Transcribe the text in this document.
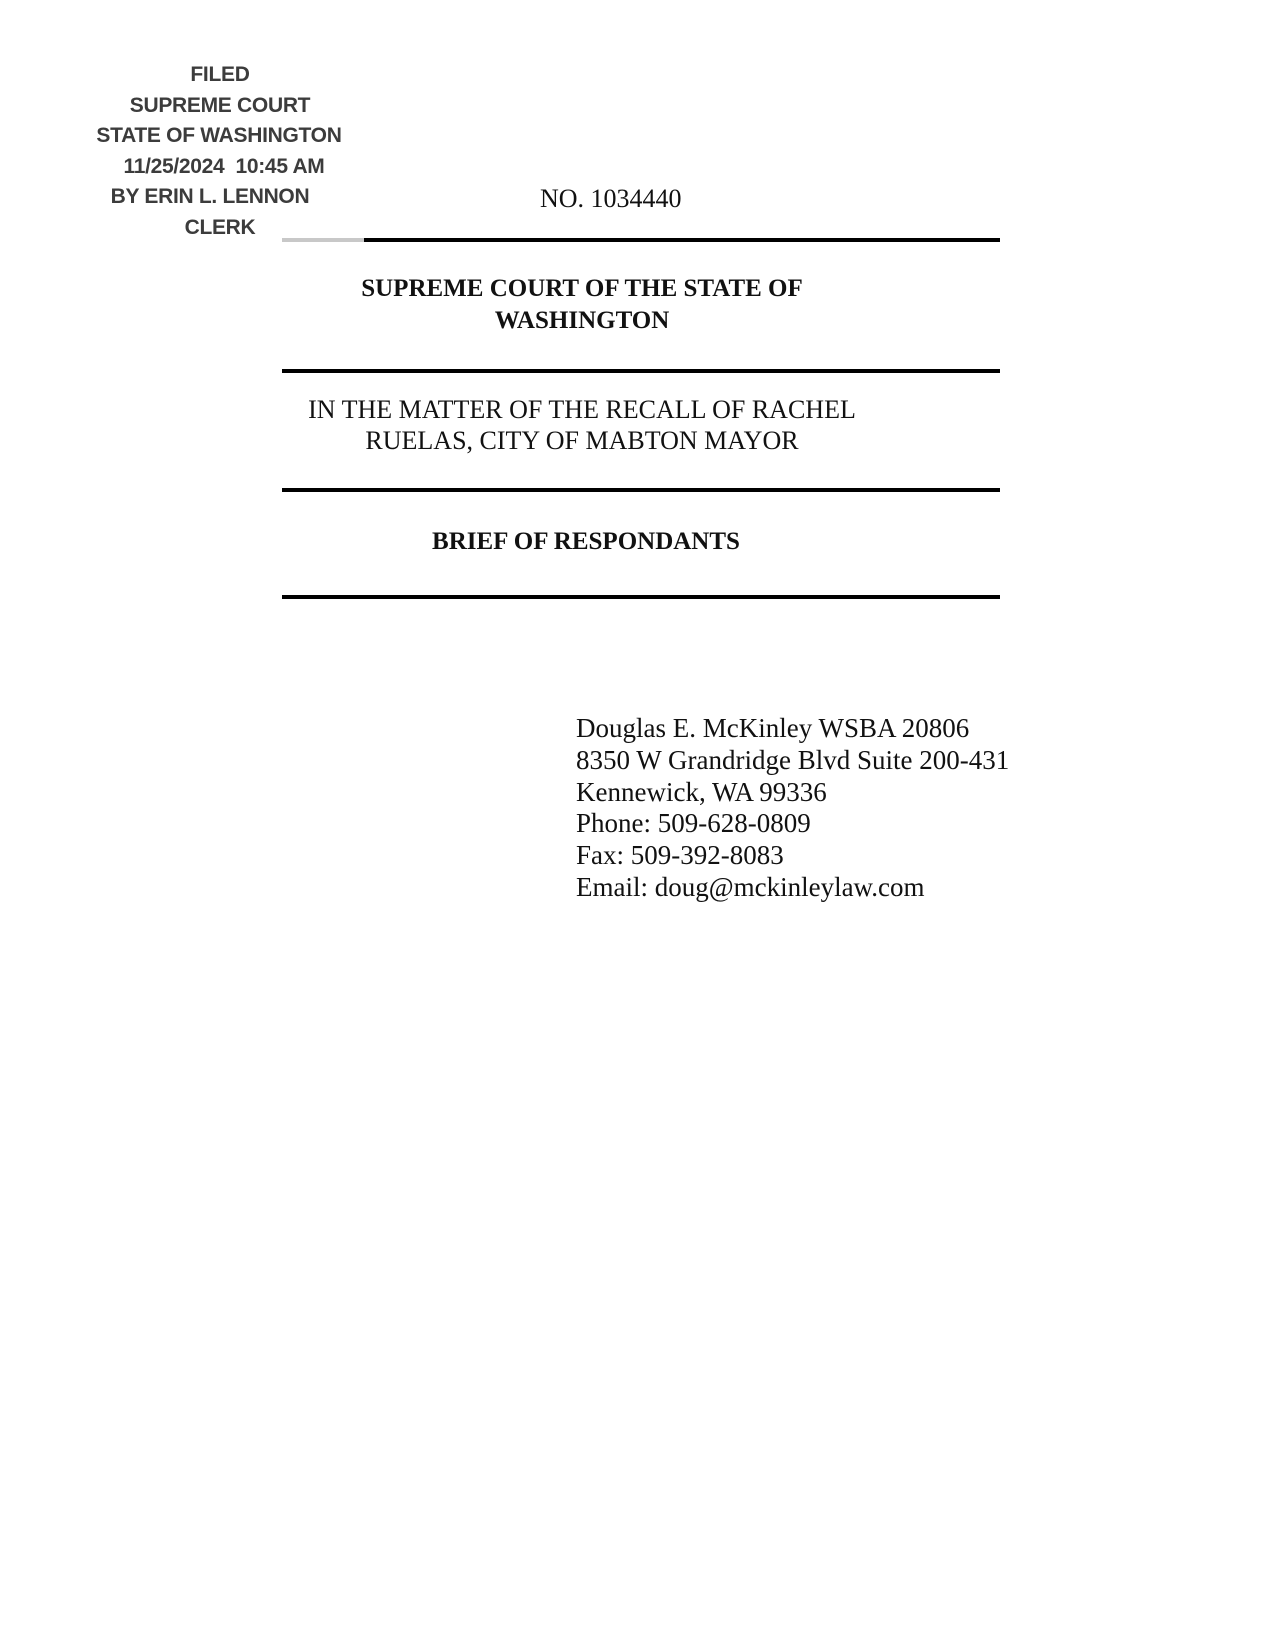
FILED
SUPREME COURT
STATE OF WASHINGTON
11/25/2024  10:45 AM
BY ERIN L. LENNON
CLERK
NO. 1034440
SUPREME COURT OF THE STATE OF
WASHINGTON
IN THE MATTER OF THE RECALL OF RACHEL
RUELAS, CITY OF MABTON MAYOR
BRIEF OF RESPONDANTS
Douglas E. McKinley WSBA 20806
8350 W Grandridge Blvd Suite 200-431
Kennewick, WA 99336
Phone: 509-628-0809
Fax: 509-392-8083
Email: doug@mckinleylaw.com
